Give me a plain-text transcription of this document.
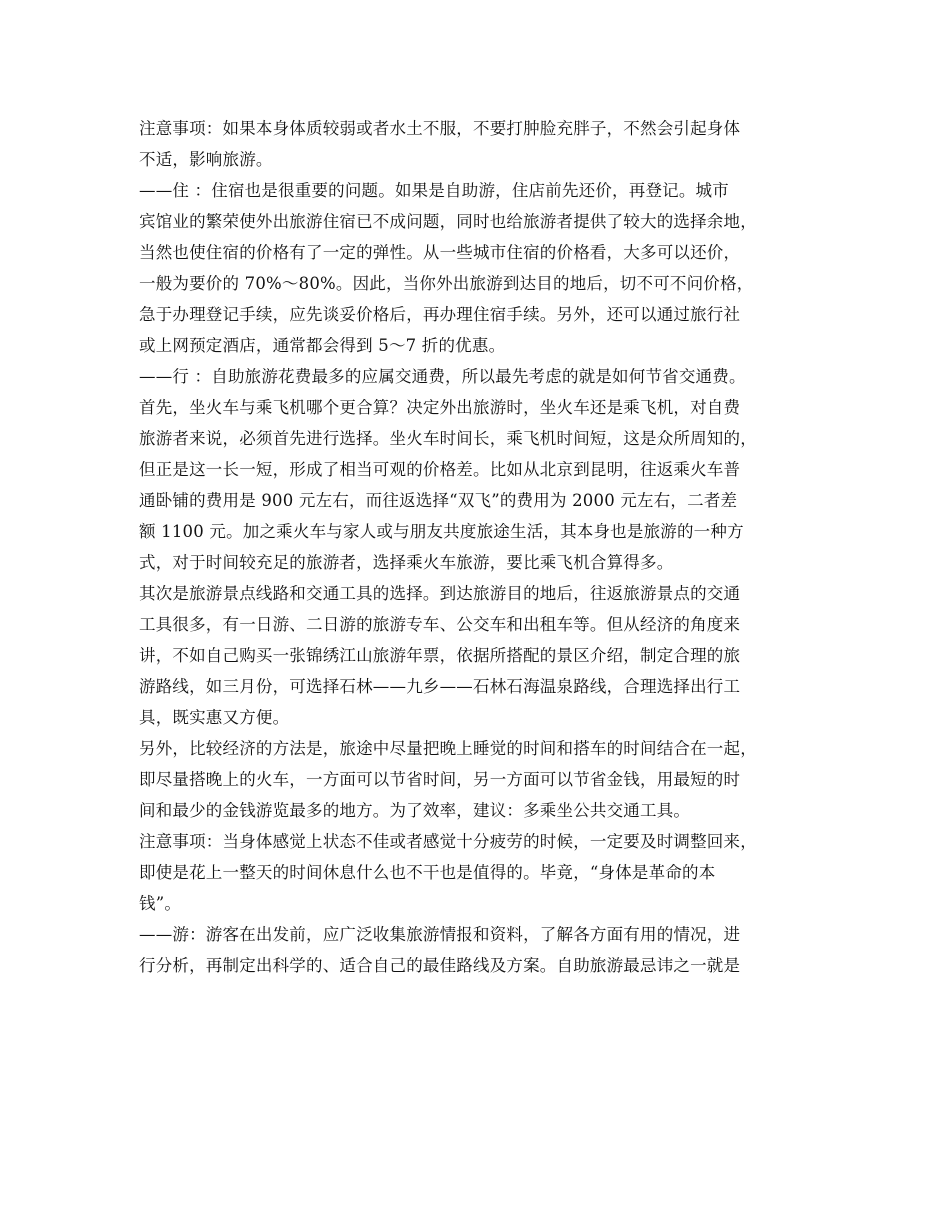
注意事项：如果本身体质较弱或者水土不服，不要打肿脸充胖子，不然会引起身体
不适，影响旅游。
——住 ：住宿也是很重要的问题。如果是自助游，住店前先还价，再登记。城市
宾馆业的繁荣使外出旅游住宿已不成问题，同时也给旅游者提供了较大的选择余地，
当然也使住宿的价格有了一定的弹性。从一些城市住宿的价格看，大多可以还价，
一般为要价的 70%～80%。因此，当你外出旅游到达目的地后，切不可不问价格，
急于办理登记手续，应先谈妥价格后，再办理住宿手续。另外，还可以通过旅行社
或上网预定酒店，通常都会得到 5～7 折的优惠。
——行 ：自助旅游花费最多的应属交通费，所以最先考虑的就是如何节省交通费。
首先，坐火车与乘飞机哪个更合算？决定外出旅游时，坐火车还是乘飞机，对自费
旅游者来说，必须首先进行选择。坐火车时间长，乘飞机时间短，这是众所周知的，
但正是这一长一短，形成了相当可观的价格差。比如从北京到昆明，往返乘火车普
通卧铺的费用是 900 元左右，而往返选择“双飞”的费用为 2000 元左右，二者差
额 1100 元。加之乘火车与家人或与朋友共度旅途生活，其本身也是旅游的一种方
式，对于时间较充足的旅游者，选择乘火车旅游，要比乘飞机合算得多。
其次是旅游景点线路和交通工具的选择。到达旅游目的地后，往返旅游景点的交通
工具很多，有一日游、二日游的旅游专车、公交车和出租车等。但从经济的角度来
讲，不如自己购买一张锦绣江山旅游年票，依据所搭配的景区介绍，制定合理的旅
游路线，如三月份，可选择石林——九乡——石林石海温泉路线，合理选择出行工
具，既实惠又方便。
另外，比较经济的方法是，旅途中尽量把晚上睡觉的时间和搭车的时间结合在一起，
即尽量搭晚上的火车，一方面可以节省时间，另一方面可以节省金钱，用最短的时
间和最少的金钱游览最多的地方。为了效率，建议：多乘坐公共交通工具。
注意事项：当身体感觉上状态不佳或者感觉十分疲劳的时候，一定要及时调整回来，
即使是花上一整天的时间休息什么也不干也是值得的。毕竟，“身体是革命的本
钱”。
——游：游客在出发前，应广泛收集旅游情报和资料，了解各方面有用的情况，进
行分析，再制定出科学的、适合自己的最佳路线及方案。自助旅游最忌讳之一就是
